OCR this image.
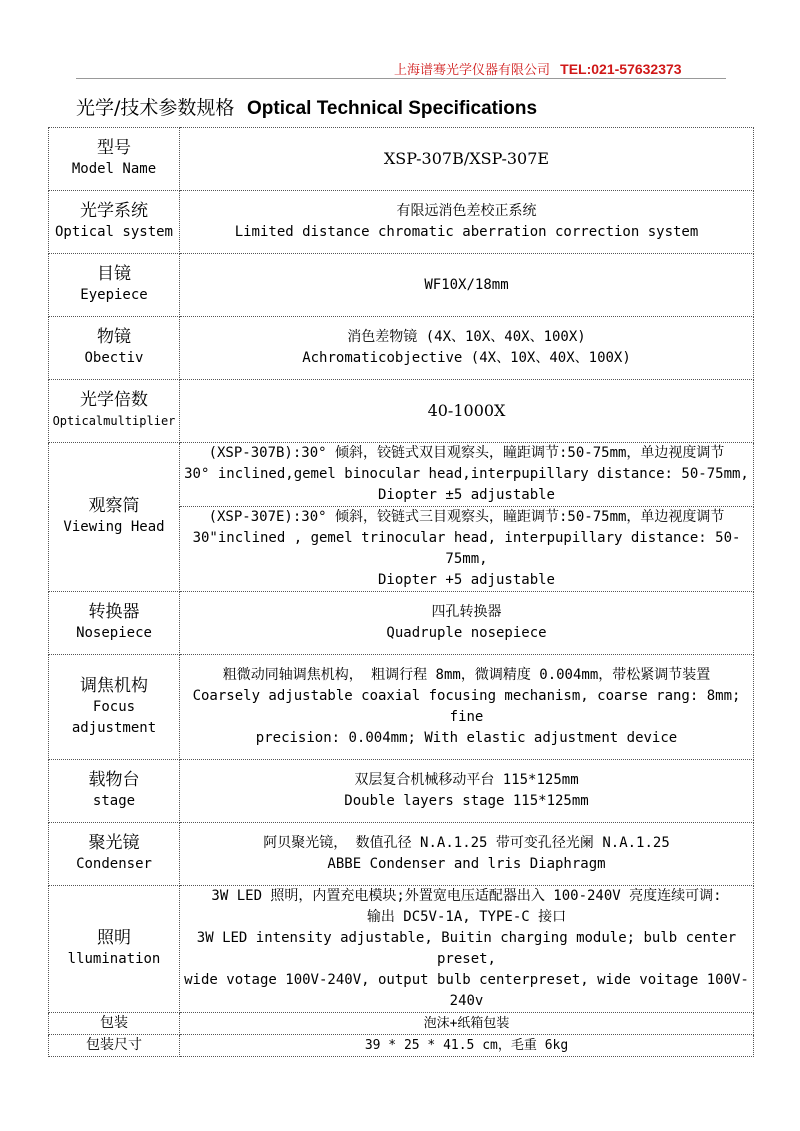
上海谱骞光学仪器有限公司 TEL:021-57632373
光学/技术参数规格 Optical Technical Specifications
型号
Model Name	XSP-307B/XSP-307E

光学系统
Optical system	有限远消色差校正系统
Limited distance chromatic aberration correction system

目镜
Eyepiece	WF10X/18mm

物镜
Obectiv	消色差物镜 (4X、10X、40X、100X)
Achromaticobjective (4X、10X、40X、100X)

光学倍数
Opticalmultiplier	40-1000X

观察筒
Viewing Head	(XSP-307B):30° 倾斜，铰链式双目观察头，瞳距调节:50-75mm，单边视度调节
30° inclined,gemel binocular head,interpupillary distance: 50-75mm,
Diopter ±5 adjustable

	(XSP-307E):30° 倾斜，铰链式三目观察头，瞳距调节:50-75mm，单边视度调节
30"inclined , gemel trinocular head, interpupillary distance: 50-75mm,
Diopter +5 adjustable

转换器
Nosepiece	四孔转换器
Quadruple nosepiece

调焦机构
Focus
adjustment	粗微动同轴调焦机构， 粗调行程 8mm，微调精度 0.004mm，带松紧调节装置
Coarsely adjustable coaxial focusing mechanism, coarse rang: 8mm; fine
precision: 0.004mm; With elastic adjustment device

载物台
stage	双层复合机械移动平台 115*125mm
Double layers stage 115*125mm

聚光镜
Condenser	阿贝聚光镜， 数值孔径 N.A.1.25 带可变孔径光阑 N.A.1.25
ABBE Condenser and lris Diaphragm

照明
llumination	3W LED 照明，内置充电模块;外置宽电压适配器出入 100-240V 亮度连续可调:
输出 DC5V-1A, TYPE-C 接口
3W LED intensity adjustable, Buitin charging module; bulb center preset,
wide votage 100V-240V, output bulb centerpreset, wide voitage 100V-240v

包装	泡沫+纸箱包装
包装尺寸	39 * 25 * 41.5 cm，毛重 6kg
